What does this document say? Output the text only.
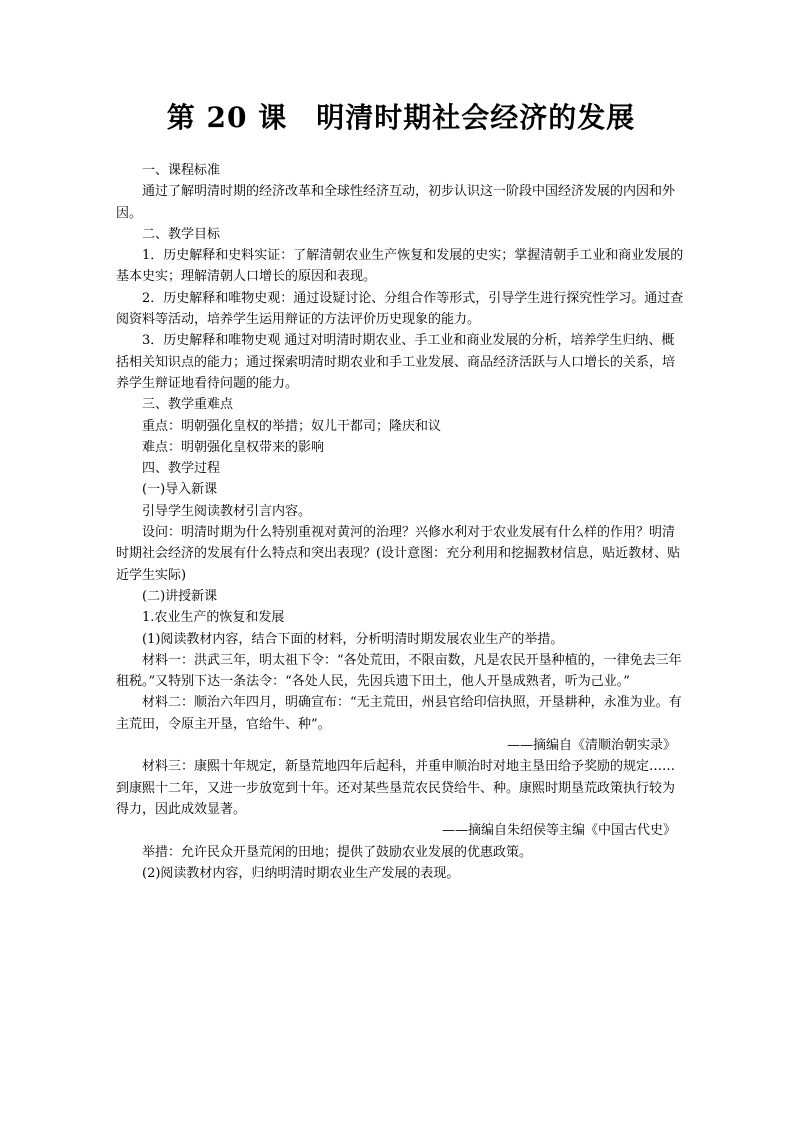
第 20 课　明清时期社会经济的发展
一、课程标准
通过了解明清时期的经济改革和全球性经济互动，初步认识这一阶段中国经济发展的内因和外因。
二、教学目标
1．历史解释和史料实证：了解清朝农业生产恢复和发展的史实；掌握清朝手工业和商业发展的基本史实；理解清朝人口增长的原因和表现。
2．历史解释和唯物史观：通过设疑讨论、分组合作等形式，引导学生进行探究性学习。通过查阅资料等活动，培养学生运用辩证的方法评价历史现象的能力。
3．历史解释和唯物史观 通过对明清时期农业、手工业和商业发展的分析，培养学生归纳、概括相关知识点的能力；通过探索明清时期农业和手工业发展、商品经济活跃与人口增长的关系，培养学生辩证地看待问题的能力。
三、教学重难点
重点：明朝强化皇权的举措；奴儿干都司；隆庆和议
难点：明朝强化皇权带来的影响
四、教学过程
(一)导入新课
引导学生阅读教材引言内容。
设问：明清时期为什么特别重视对黄河的治理？兴修水利对于农业发展有什么样的作用？明清时期社会经济的发展有什么特点和突出表现？(设计意图：充分利用和挖掘教材信息，贴近教材、贴近学生实际)
(二)讲授新课
1.农业生产的恢复和发展
(1)阅读教材内容，结合下面的材料，分析明清时期发展农业生产的举措。
材料一：洪武三年，明太祖下令：“各处荒田，不限亩数，凡是农民开垦种植的，一律免去三年租税。”又特别下达一条法令：“各处人民，先因兵遗下田土，他人开垦成熟者，听为己业。”
材料二：顺治六年四月，明确宣布：“无主荒田，州县官给印信执照，开垦耕种，永准为业。有主荒田，令原主开垦，官给牛、种”。
——摘编自《清顺治朝实录》
材料三：康熙十年规定，新垦荒地四年后起科，并重申顺治时对地主垦田给予奖励的规定……到康熙十二年，又进一步放宽到十年。还对某些垦荒农民贷给牛、种。康熙时期垦荒政策执行较为得力，因此成效显著。
——摘编自朱绍侯等主编《中国古代史》
举措：允许民众开垦荒闲的田地；提供了鼓励农业发展的优惠政策。
(2)阅读教材内容，归纳明清时期农业生产发展的表现。
